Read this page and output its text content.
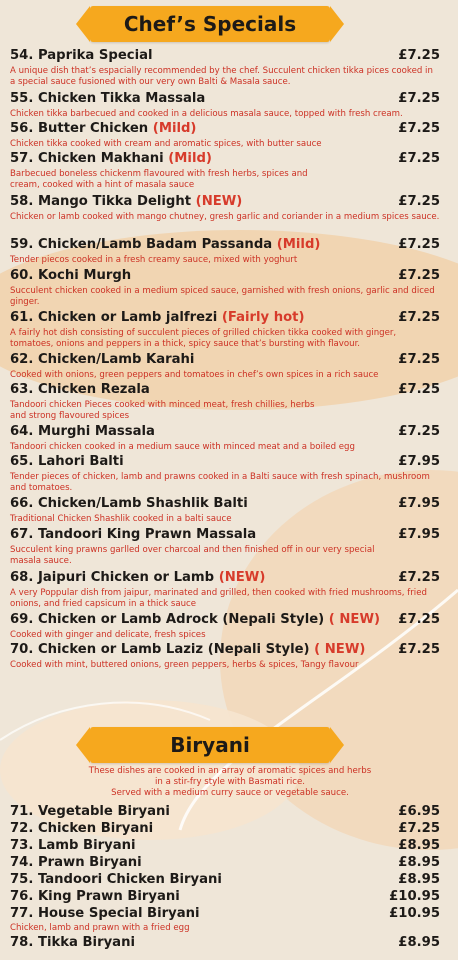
Chef’s Specials
54. Paprika Special	£7.25
A unique dish that’s espacially recommended by the chef. Succulent chicken tikka pices cooked in a special sauce fusioned with our very own Balti & Masala sauce.
55. Chicken Tikka Massala	£7.25
Chicken tikka barbecued and cooked in a delicious masala sauce, topped with fresh cream.
56. Butter Chicken (Mild)	£7.25
Chicken tikka cooked with cream and aromatic spices, with butter sauce
57. Chicken Makhani (Mild)	£7.25
Barbecued boneless chickenm flavoured with fresh herbs, spices and cream, cooked with a hint of masala sauce
58. Mango Tikka Delight (NEW)	£7.25
Chicken or lamb cooked with mango chutney, gresh garlic and coriander in a medium spices sauce.
59. Chicken/Lamb Badam Passanda (Mild)	£7.25
Tender piecos cooked in a fresh creamy sauce, mixed with yoghurt
60. Kochi Murgh	£7.25
Succulent chicken cooked in a medium spiced sauce, garnished with fresh onions, garlic and diced ginger.
61. Chicken or Lamb jalfrezi (Fairly hot)	£7.25
A fairly hot dish consisting of succulent pieces of grilled chicken tikka cooked with ginger, tomatoes, onions and peppers in a thick, spicy sauce that’s bursting with flavour.
62. Chicken/Lamb Karahi	£7.25
Cooked with onions, green peppers and tomatoes in chef’s own spices in a rich sauce
63. Chicken Rezala	£7.25
Tandoori chicken Pieces cooked with minced meat, fresh chillies, herbs and strong flavoured spices
64. Murghi Massala	£7.25
Tandoori chicken cooked in a medium sauce with minced meat and a boiled egg
65. Lahori Balti	£7.95
Tender pieces of chicken, lamb and prawns cooked in a Balti sauce with fresh spinach, mushroom and tomatoes.
66. Chicken/Lamb Shashlik Balti	£7.95
Traditional Chicken Shashlik cooked in a balti sauce
67. Tandoori King Prawn Massala	£7.95
Succulent king prawns garlled over charcoal and then finished off in our very special masala sauce.
68. Jaipuri Chicken or Lamb (NEW)	£7.25
A very Poppular dish from jaipur, marinated and grilled, then cooked with fried mushrooms, fried onions, and fried capsicum in a thick sauce
69. Chicken or Lamb Adrock (Nepali Style) ( NEW) £7.25
Cooked with ginger and delicate, fresh spices
70. Chicken or Lamb Laziz (Nepali Style) ( NEW) £7.25
Cooked with mint, buttered onions, green peppers, herbs & spices, Tangy flavour
Biryani
These dishes are cooked in an array of aromatic spices and herbs
in a stir-fry style with Basmati rice.
Served with a medium curry sauce or vegetable sauce.
71. Vegetable Biryani	£6.95
72. Chicken Biryani	£7.25
73. Lamb Biryani	£8.95
74. Prawn Biryani	£8.95
75. Tandoori Chicken Biryani	£8.95
76. King Prawn Biryani	£10.95
77. House Special Biryani	£10.95
Chicken, lamb and prawn with a fried egg
78. Tikka Biryani	£8.95
